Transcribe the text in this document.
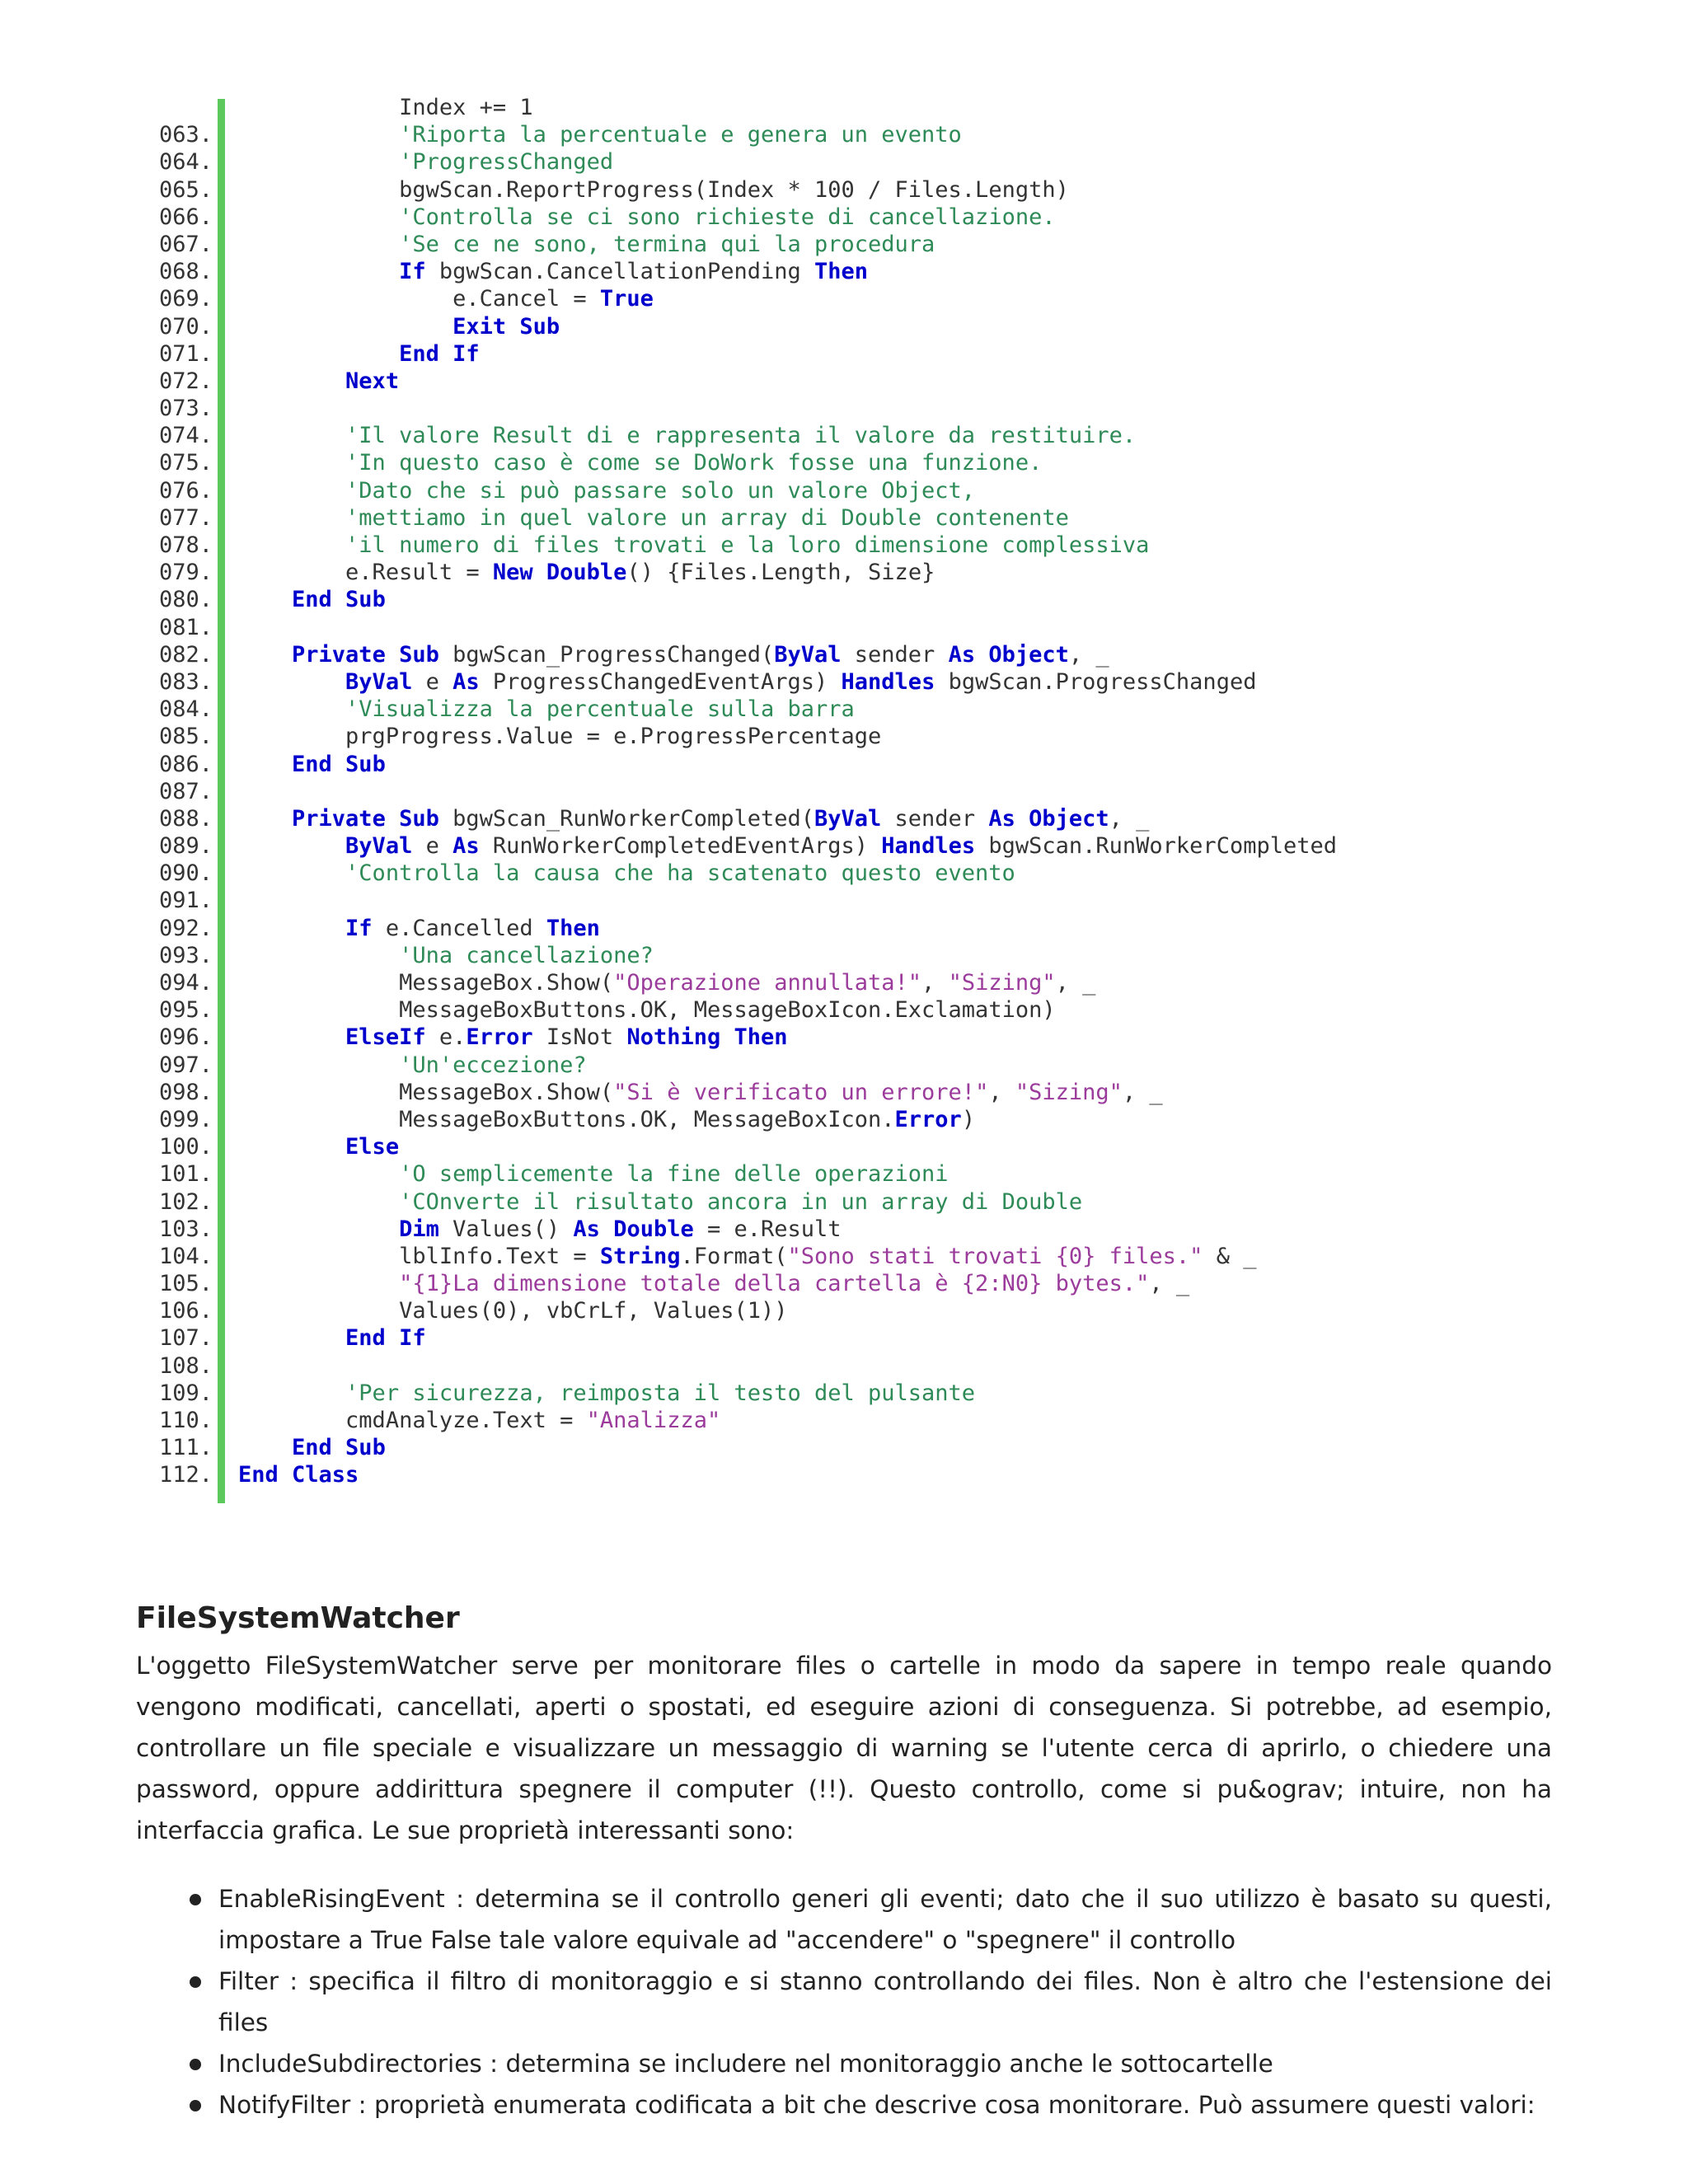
Index += 1
063.	'Riporta la percentuale e genera un evento
064.	'ProgressChanged
065.	bgwScan.ReportProgress(Index * 100 / Files.Length)
066.	'Controlla se ci sono richieste di cancellazione.
067.	'Se ce ne sono, termina qui la procedura
068.	If bgwScan.CancellationPending Then
069.	e.Cancel = True
070.	Exit Sub
071.	End If
072.	Next
073.
074.	'Il valore Result di e rappresenta il valore da restituire.
075.	'In questo caso è come se DoWork fosse una funzione.
076.	'Dato che si può passare solo un valore Object,
077.	'mettiamo in quel valore un array di Double contenente
078.	'il numero di files trovati e la loro dimensione complessiva
079.	e.Result = New Double() {Files.Length, Size}
080.	End Sub
081.
082.	Private Sub bgwScan_ProgressChanged(ByVal sender As Object, _
083.	ByVal e As ProgressChangedEventArgs) Handles bgwScan.ProgressChanged
084.	'Visualizza la percentuale sulla barra
085.	prgProgress.Value = e.ProgressPercentage
086.	End Sub
087.
088.	Private Sub bgwScan_RunWorkerCompleted(ByVal sender As Object, _
089.	ByVal e As RunWorkerCompletedEventArgs) Handles bgwScan.RunWorkerCompleted
090.	'Controlla la causa che ha scatenato questo evento
091.
092.	If e.Cancelled Then
093.	'Una cancellazione?
094.	MessageBox.Show("Operazione annullata!", "Sizing", _
095.	MessageBoxButtons.OK, MessageBoxIcon.Exclamation)
096.	ElseIf e.Error IsNot Nothing Then
097.	'Un'eccezione?
098.	MessageBox.Show("Si è verificato un errore!", "Sizing", _
099.	MessageBoxButtons.OK, MessageBoxIcon.Error)
100.	Else
101.	'O semplicemente la fine delle operazioni
102.	'COnverte il risultato ancora in un array di Double
103.	Dim Values() As Double = e.Result
104.	lblInfo.Text = String.Format("Sono stati trovati {0} files." & _
105.	"{1}La dimensione totale della cartella è {2:N0} bytes.", _
106.	Values(0), vbCrLf, Values(1))
107.	End If
108.
109.	'Per sicurezza, reimposta il testo del pulsante
110.	cmdAnalyze.Text = "Analizza"
111.	End Sub
112. End Class
FileSystemWatcher

L'oggetto FileSystemWatcher serve per monitorare files o cartelle in modo da sapere in tempo reale quando vengono modificati, cancellati, aperti o spostati, ed eseguire azioni di conseguenza. Si potrebbe, ad esempio, controllare un file speciale e visualizzare un messaggio di warning se l'utente cerca di aprirlo, o chiedere una password, oppure addirittura spegnere il computer (!!). Questo controllo, come si pu&ograv; intuire, non ha interfaccia grafica. Le sue proprietà interessanti sono:

EnableRisingEvent : determina se il controllo generi gli eventi; dato che il suo utilizzo è basato su questi, impostare a True False tale valore equivale ad "accendere" o "spegnere" il controllo
Filter : specifica il filtro di monitoraggio e si stanno controllando dei files. Non è altro che l'estensione dei files
IncludeSubdirectories : determina se includere nel monitoraggio anche le sottocartelle
NotifyFilter : proprietà enumerata codificata a bit che descrive cosa monitorare. Può assumere questi valori:
